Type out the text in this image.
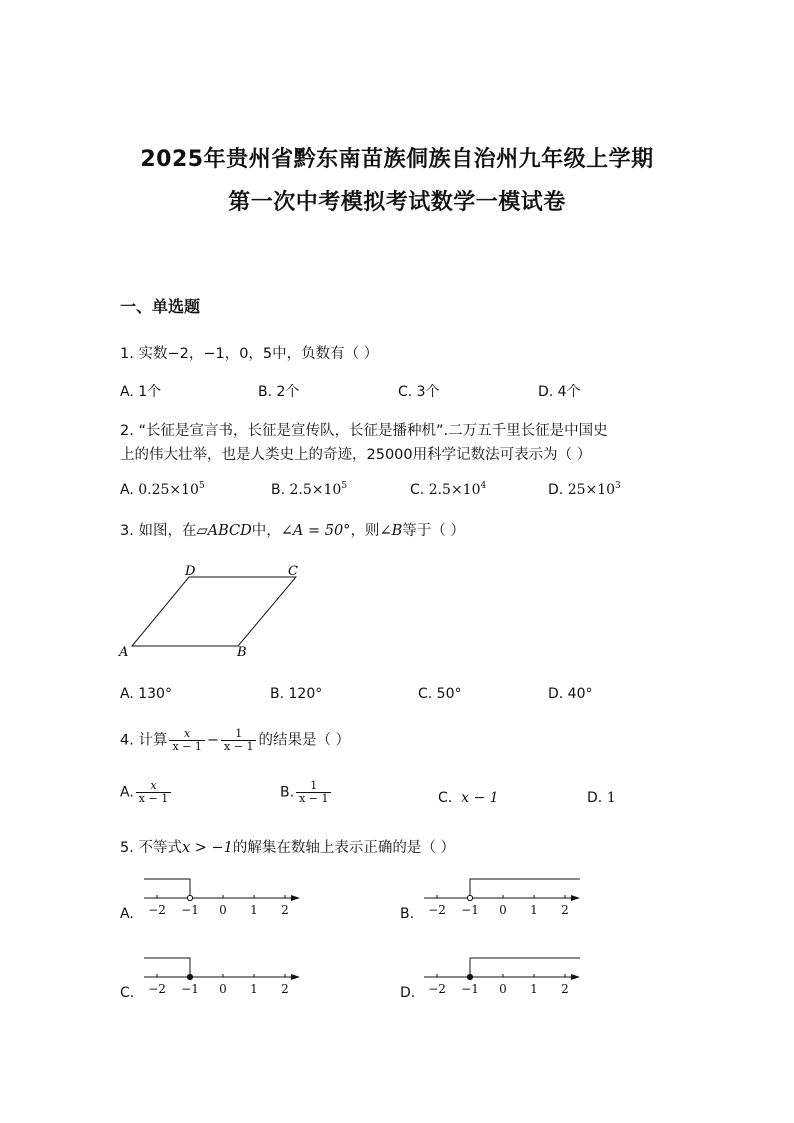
2025年贵州省黔东南苗族侗族自治州九年级上学期
第一次中考模拟考试数学一模试卷
一、单选题
1. 实数−2，−1，0，5中，负数有（ ）
A. 1个	B. 2个	C. 3个	D. 4个
2. “长征是宣言书，长征是宣传队，长征是播种机”.二万五千里长征是中国史
上的伟大壮举，也是人类史上的奇迹，25000用科学记数法可表示为（ ）
A. $0.25\times 10^5$	B. $2.5\times 10^5$	C. $2.5\times 10^4$	D. $25\times 10^3$
3. 如图，在▱ABCD中，∠A = 50°，则∠B等于（ ）
A	B
C
D
A. 130°	B. 120°	C. 50°	D. 40°
4. 计算 $\frac{x}{x - 1} - \frac{1}{x - 1}$ 的结果是（ ）
A. $\frac{x}{x - 1}$	B. $\frac{1}{x - 1}$	C. x − 1	D. 1
5. 不等式x > −1的解集在数轴上表示正确的是（ ）
A. −2 −1 0 1 2	B. −2 −1 0 1 2
C. −2 −1 0 1 2	D. −2 −1 0 1 2
